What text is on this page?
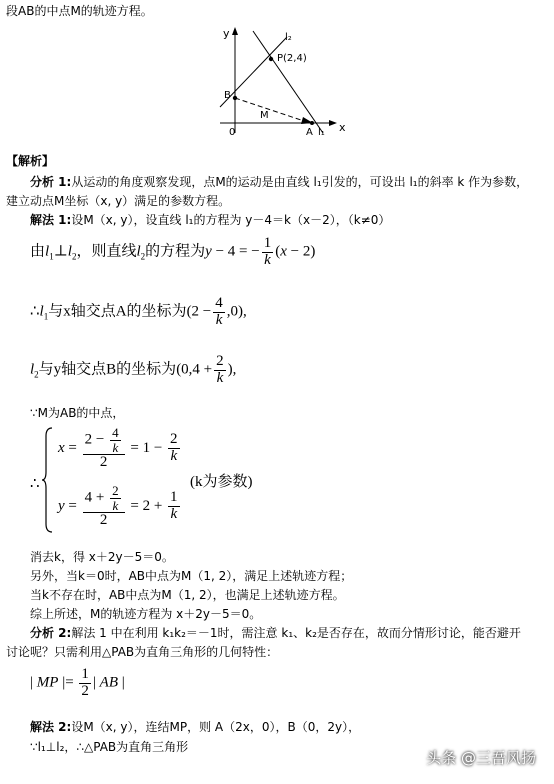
段AB的中点M的轨迹方程。
y
x
0
l₂
P(2,4)
B
M
A l₁
【解析】
分析 1:从运动的角度观察发现，点M的运动是由直线 l₁引发的，可设出 l₁的斜率 k 作为参数，
建立动点M坐标（x, y）满足的参数方程。
解法 1:设M（x, y），设直线 l₁的方程为 y－4＝k（x－2），（k≠0）
由$l_1\perp l_2$，则直线$l_2$的方程为y − 4 = − $\frac{1}{k} (x - 2)$
$\therefore l_1$与x轴交点A的坐标为$(2 - \frac{4}{k} ,0)$,
$l_2$与y轴交点B的坐标为($0,4 + \frac{2}{k}$ ),
∵M为AB的中点，
∴
$x = \frac{2 - \frac{4}{k}}{2} = 1 - \frac{2}{k}$
(k为参数)
$y = \frac{4 + \frac{2}{k}}{2} = 2 + \frac{1}{k}$
消去k，得 x＋2y－5＝0。
另外，当k＝0时，AB中点为M（1, 2），满足上述轨迹方程；
当k不存在时，AB中点为M（1, 2），也满足上述轨迹方程。
综上所述，M的轨迹方程为 x＋2y－5＝0。
分析 2:解法 1 中在利用 k₁k₂＝－1时，需注意 k₁、k₂是否存在，故而分情形讨论，能否避开
讨论呢？只需利用△PAB为直角三角形的几何特性：
| MP |= $\frac{1}{2}$ | AB |
解法 2:设M（x, y），连结MP，则 A（2x，0），B（0，2y），
∵l₁⊥l₂，∴△PAB为直角三角形
头条 @三吾风扬
